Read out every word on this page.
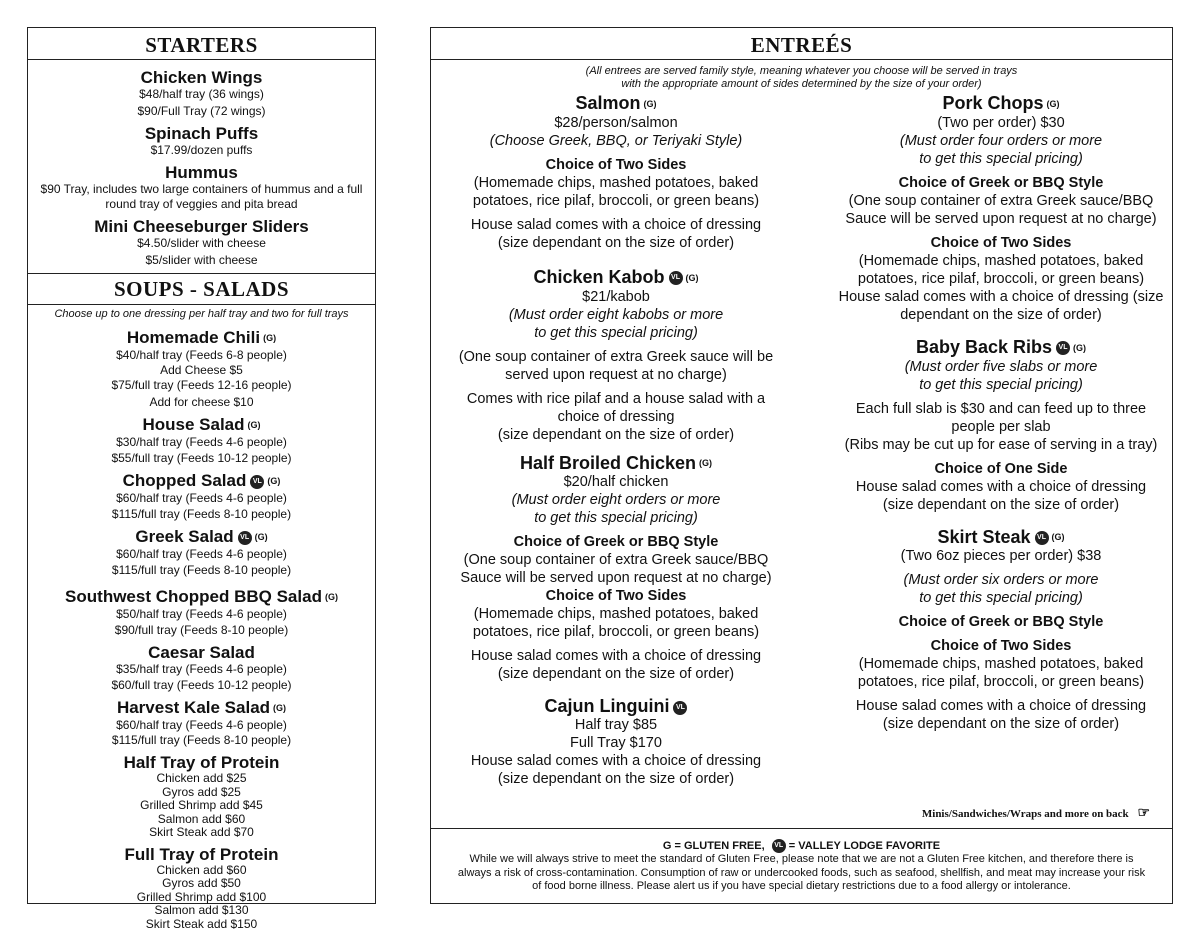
STARTERS
Chicken Wings
$48/half tray (36 wings)
$90/Full Tray (72 wings)
Spinach Puffs
$17.99/dozen puffs
Hummus
$90 Tray, includes two large containers of hummus and a full
round tray of veggies and pita bread
Mini Cheeseburger Sliders
$4.50/slider with cheese
$5/slider with cheese
SOUPS - SALADS
Choose up to one dressing per half tray and two for full trays
Homemade Chili (G)
$40/half tray (Feeds 6-8 people)
Add Cheese $5
$75/full tray (Feeds 12-16 people)
Add for cheese $10
House Salad (G)
$30/half tray (Feeds 4-6 people)
$55/full tray (Feeds 10-12 people)
Chopped Salad VL (G)
$60/half tray (Feeds 4-6 people)
$115/full tray (Feeds 8-10 people)
Greek Salad VL (G)
$60/half tray (Feeds 4-6 people)
$115/full tray (Feeds 8-10 people)
Southwest Chopped BBQ Salad (G)
$50/half tray (Feeds 4-6 people)
$90/full tray (Feeds 8-10 people)
Caesar Salad
$35/half tray (Feeds 4-6 people)
$60/full tray (Feeds 10-12 people)
Harvest Kale Salad (G)
$60/half tray (Feeds 4-6 people)
$115/full tray (Feeds 8-10 people)
Half Tray of Protein
Chicken add $25
Gyros add $25
Grilled Shrimp add $45
Salmon add $60
Skirt Steak add $70
Full Tray of Protein
Chicken add $60
Gyros add $50
Grilled Shrimp add $100
Salmon add $130
Skirt Steak add $150
ENTREÉS
(All entrees are served family style, meaning whatever you choose will be served in trays
with the appropriate amount of sides determined by the size of your order)
Salmon (G)
$28/person/salmon
(Choose Greek, BBQ, or Teriyaki Style)
Choice of Two Sides
(Homemade chips, mashed potatoes, baked
potatoes, rice pilaf, broccoli, or green beans)
House salad comes with a choice of dressing
(size dependant on the size of order)
Chicken Kabob VL (G)
$21/kabob
(Must order eight kabobs or more
to get this special pricing)
(One soup container of extra Greek sauce will be
served upon request at no charge)
Comes with rice pilaf and a house salad with a
choice of dressing
(size dependant on the size of order)
Half Broiled Chicken (G)
$20/half chicken
(Must order eight orders or more
to get this special pricing)
Choice of Greek or BBQ Style
(One soup container of extra Greek sauce/BBQ
Sauce will be served upon request at no charge)
Choice of Two Sides
(Homemade chips, mashed potatoes, baked
potatoes, rice pilaf, broccoli, or green beans)
House salad comes with a choice of dressing
(size dependant on the size of order)
Cajun Linguini VL
Half tray $85
Full Tray $170
House salad comes with a choice of dressing
(size dependant on the size of order)
Pork Chops (G)
(Two per order) $30
(Must order four orders or more
to get this special pricing)
Choice of Greek or BBQ Style
(One soup container of extra Greek sauce/BBQ
Sauce will be served upon request at no charge)
Choice of Two Sides
(Homemade chips, mashed potatoes, baked
potatoes, rice pilaf, broccoli, or green beans)
House salad comes with a choice of dressing (size
dependant on the size of order)
Baby Back Ribs VL (G)
(Must order five slabs or more
to get this special pricing)
Each full slab is $30 and can feed up to three
people per slab
(Ribs may be cut up for ease of serving in a tray)
Choice of One Side
House salad comes with a choice of dressing
(size dependant on the size of order)
Skirt Steak VL (G)
(Two 6oz pieces per order) $38
(Must order six orders or more
to get this special pricing)
Choice of Greek or BBQ Style
Choice of Two Sides
(Homemade chips, mashed potatoes, baked
potatoes, rice pilaf, broccoli, or green beans)
House salad comes with a choice of dressing
(size dependant on the size of order)
Minis/Sandwiches/Wraps and more on back ☞
G = GLUTEN FREE, VL = VALLEY LODGE FAVORITE
While we will always strive to meet the standard of Gluten Free, please note that we are not a Gluten Free kitchen, and therefore there is
always a risk of cross-contamination. Consumption of raw or undercooked foods, such as seafood, shellfish, and meat may increase your risk
of food borne illness. Please alert us if you have special dietary restrictions due to a food allergy or intolerance.
